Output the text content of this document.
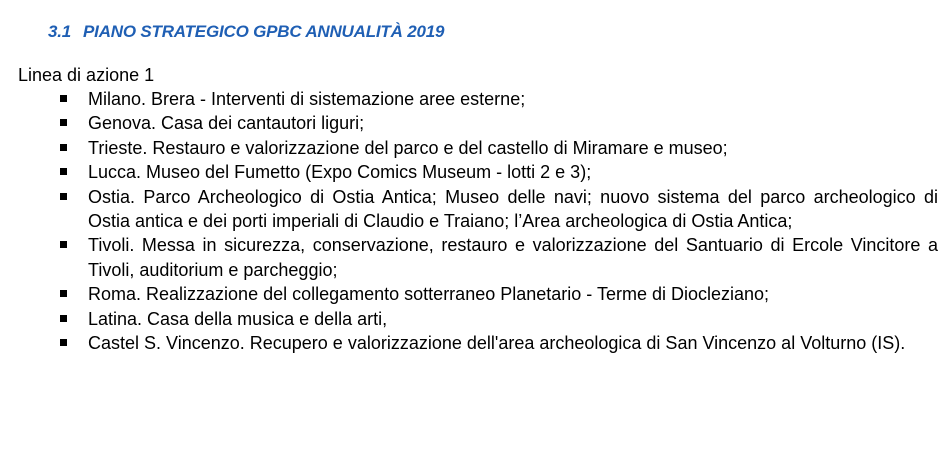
3.1 PIANO STRATEGICO GPBC ANNUALITÀ 2019
Linea di azione 1
Milano. Brera - Interventi di sistemazione aree esterne;
Genova. Casa dei cantautori liguri;
Trieste. Restauro e valorizzazione del parco e del castello di Miramare e museo;
Lucca. Museo del Fumetto (Expo Comics Museum - lotti 2 e 3);
Ostia. Parco Archeologico di Ostia Antica; Museo delle navi; nuovo sistema del parco archeologico di Ostia antica e dei porti imperiali di Claudio e Traiano; l’Area archeologica di Ostia Antica;
Tivoli. Messa in sicurezza, conservazione, restauro e valorizzazione del Santuario di Ercole Vincitore a Tivoli, auditorium e parcheggio;
Roma. Realizzazione del collegamento sotterraneo Planetario - Terme di Diocleziano;
Latina. Casa della musica e della arti,
Castel S. Vincenzo. Recupero e valorizzazione dell'area archeologica di San Vincenzo al Volturno (IS).
